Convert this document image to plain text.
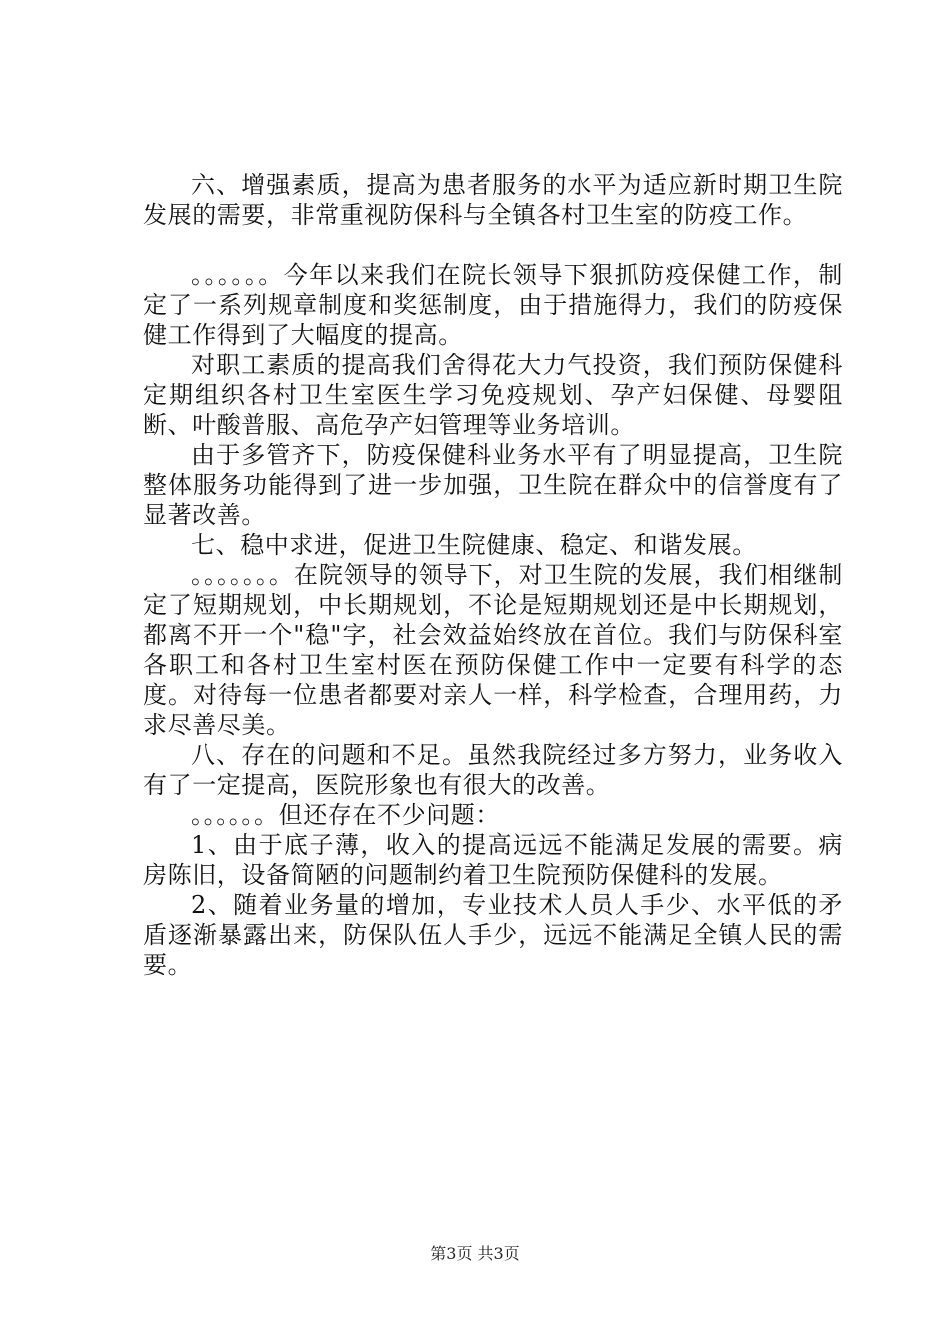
六、增强素质，提高为患者服务的水平为适应新时期卫生院发展的需要，非常重视防保科与全镇各村卫生室的防疫工作。

。。。。。。今年以来我们在院长领导下狠抓防疫保健工作，制定了一系列规章制度和奖惩制度，由于措施得力，我们的防疫保健工作得到了大幅度的提高。

对职工素质的提高我们舍得花大力气投资，我们预防保健科定期组织各村卫生室医生学习免疫规划、孕产妇保健、母婴阻断、叶酸普服、高危孕产妇管理等业务培训。

由于多管齐下，防疫保健科业务水平有了明显提高，卫生院整体服务功能得到了进一步加强，卫生院在群众中的信誉度有了显著改善。

七、稳中求进，促进卫生院健康、稳定、和谐发展。

。。。。。。。在院领导的领导下，对卫生院的发展，我们相继制定了短期规划，中长期规划，不论是短期规划还是中长期规划，都离不开一个"稳"字，社会效益始终放在首位。我们与防保科室各职工和各村卫生室村医在预防保健工作中一定要有科学的态度。对待每一位患者都要对亲人一样，科学检查，合理用药，力求尽善尽美。

八、存在的问题和不足。虽然我院经过多方努力，业务收入有了一定提高，医院形象也有很大的改善。

。。。。。。但还存在不少问题：

1、由于底子薄，收入的提高远远不能满足发展的需要。病房陈旧，设备简陋的问题制约着卫生院预防保健科的发展。

2、随着业务量的增加，专业技术人员人手少、水平低的矛盾逐渐暴露出来，防保队伍人手少，远远不能满足全镇人民的需要。

第3页 共3页
